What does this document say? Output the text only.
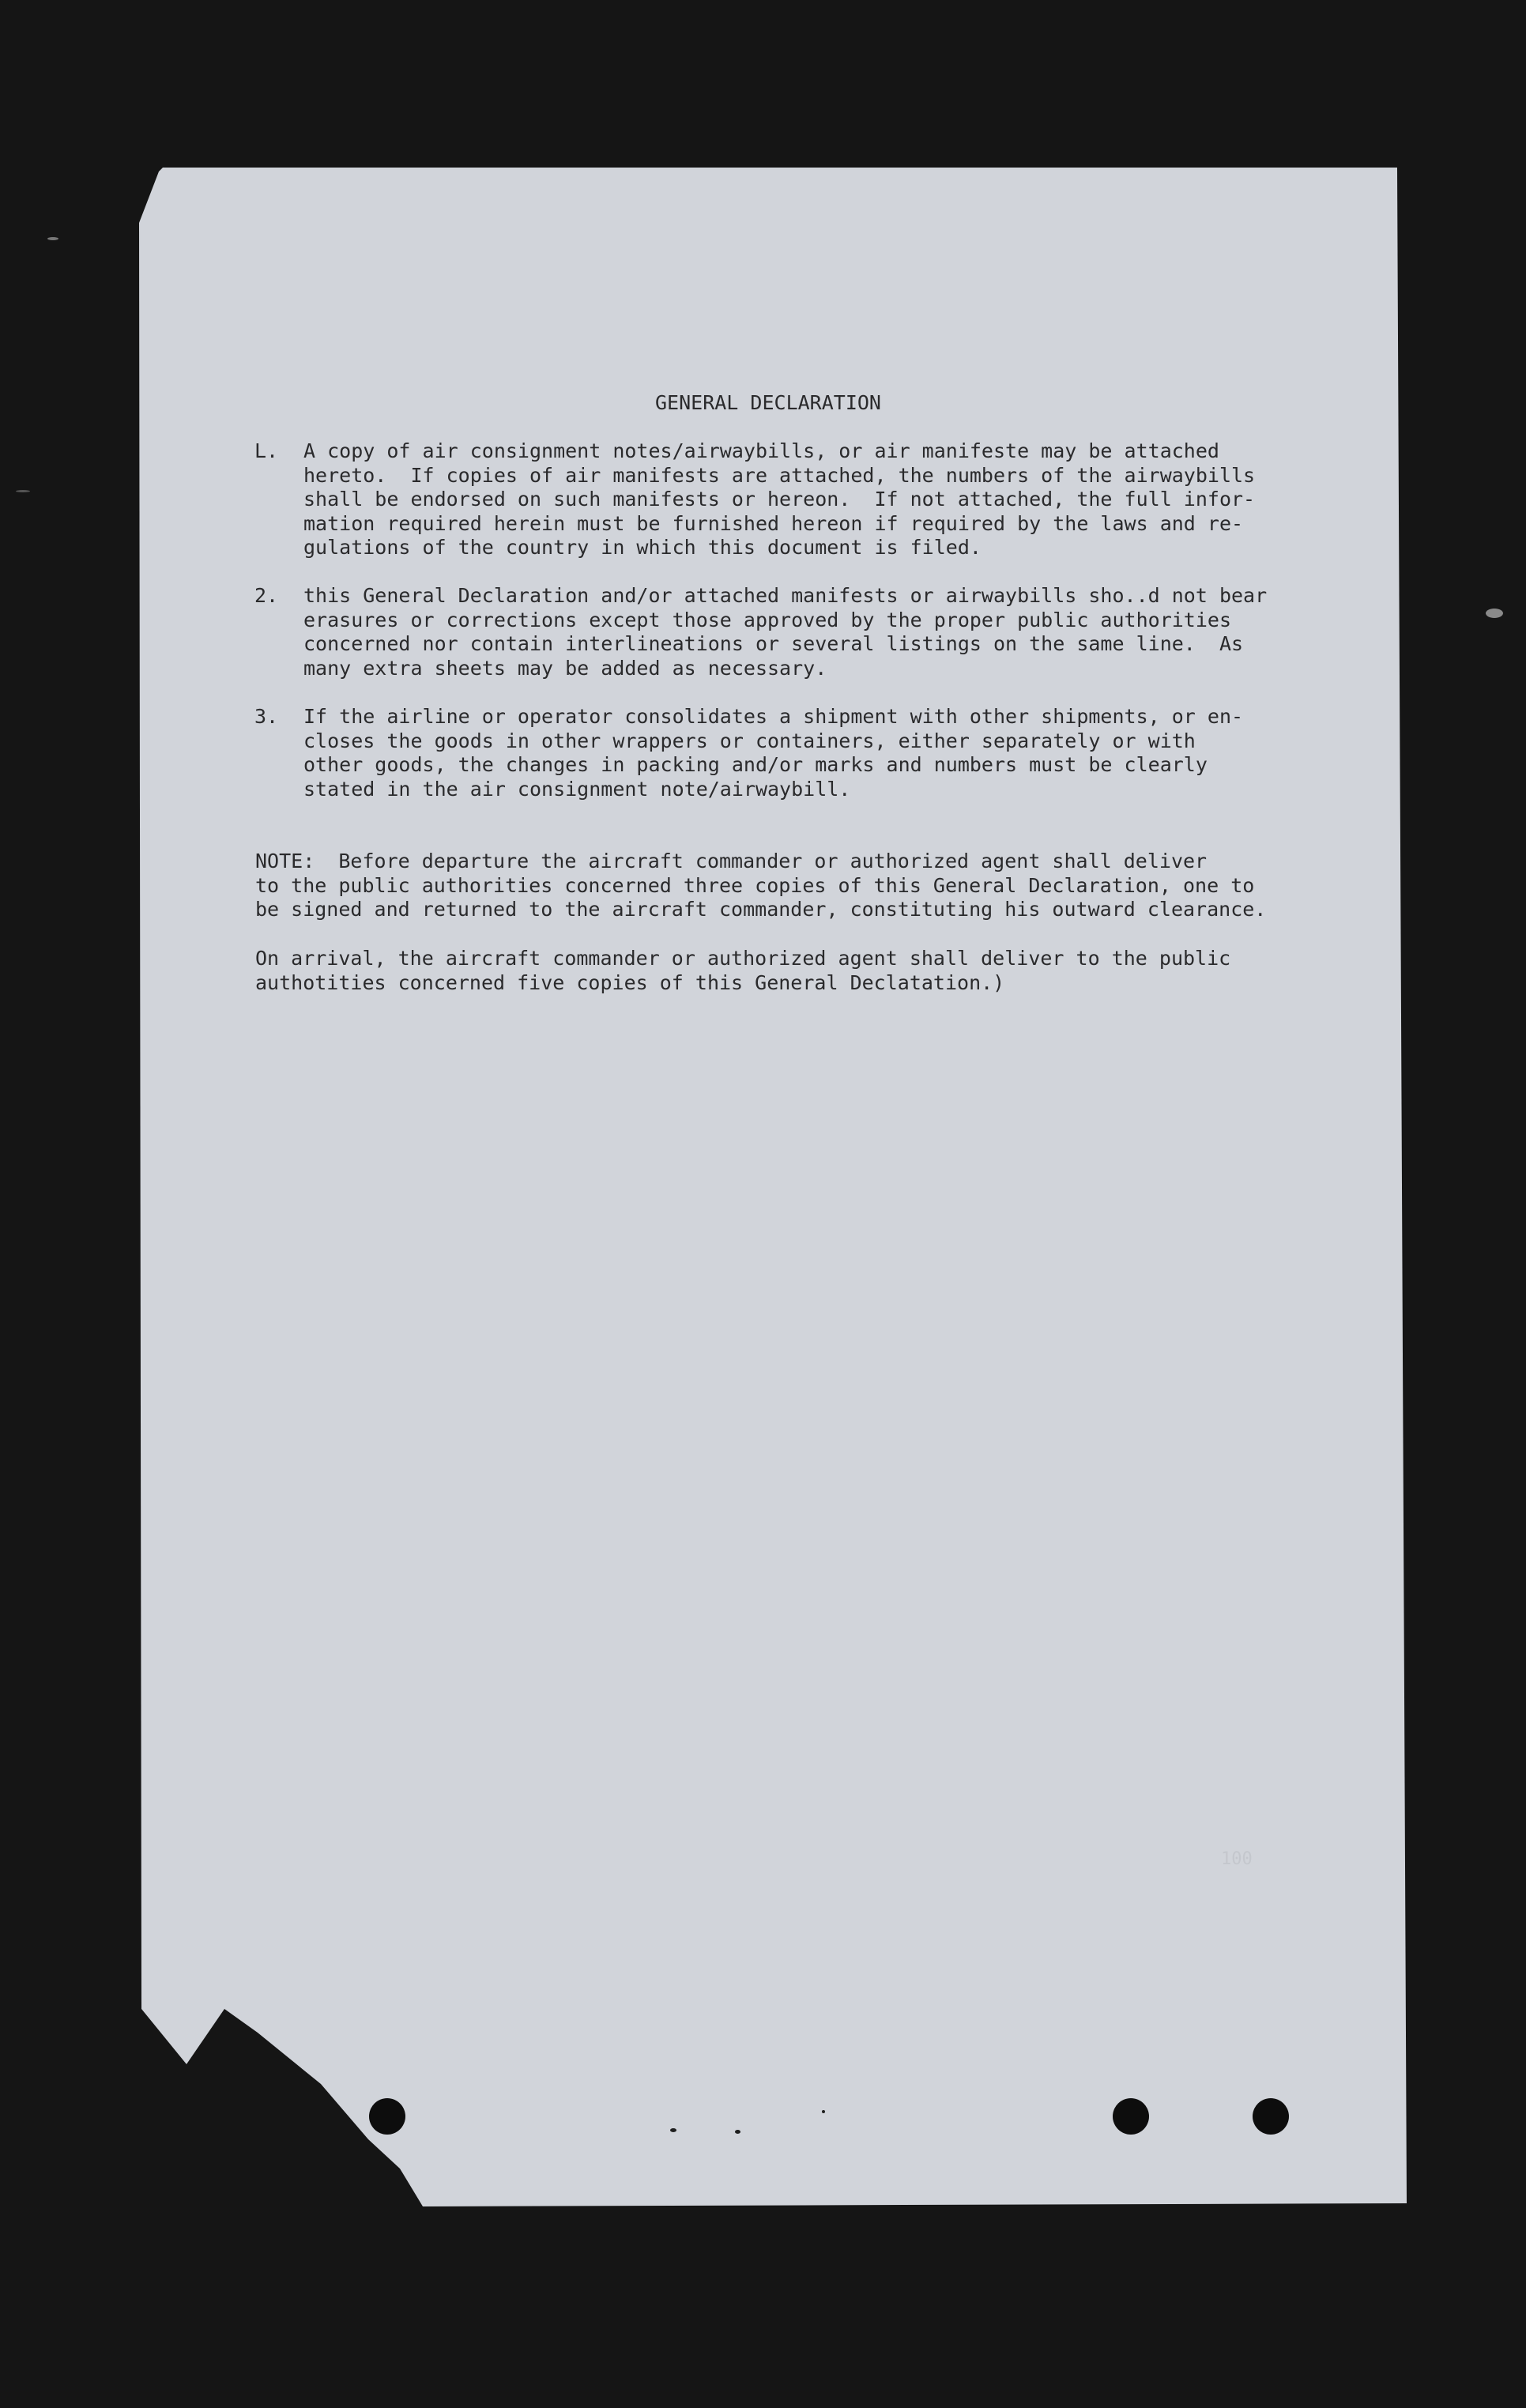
GENERAL DECLARATION
L. A copy of air consignment notes/airwaybills, or air manifeste may be attached
hereto.  If copies of air manifests are attached, the numbers of the airwaybills
shall be endorsed on such manifests or hereon.  If not attached, the full infor-
mation required herein must be furnished hereon if required by the laws and re-
gulations of the country in which this document is filed.
2. this General Declaration and/or attached manifests or airwaybills sho..d not bear
erasures or corrections except those approved by the proper public authorities
concerned nor contain interlineations or several listings on the same line.  As
many extra sheets may be added as necessary.
3. If the airline or operator consolidates a shipment with other shipments, or en-
closes the goods in other wrappers or containers, either separately or with
other goods, the changes in packing and/or marks and numbers must be clearly
stated in the air consignment note/airwaybill.
NOTE:  Before departure the aircraft commander or authorized agent shall deliver
to the public authorities concerned three copies of this General Declaration, one to
be signed and returned to the aircraft commander, constituting his outward clearance.
On arrival, the aircraft commander or authorized agent shall deliver to the public
authotities concerned five copies of this General Declatation.)
100
